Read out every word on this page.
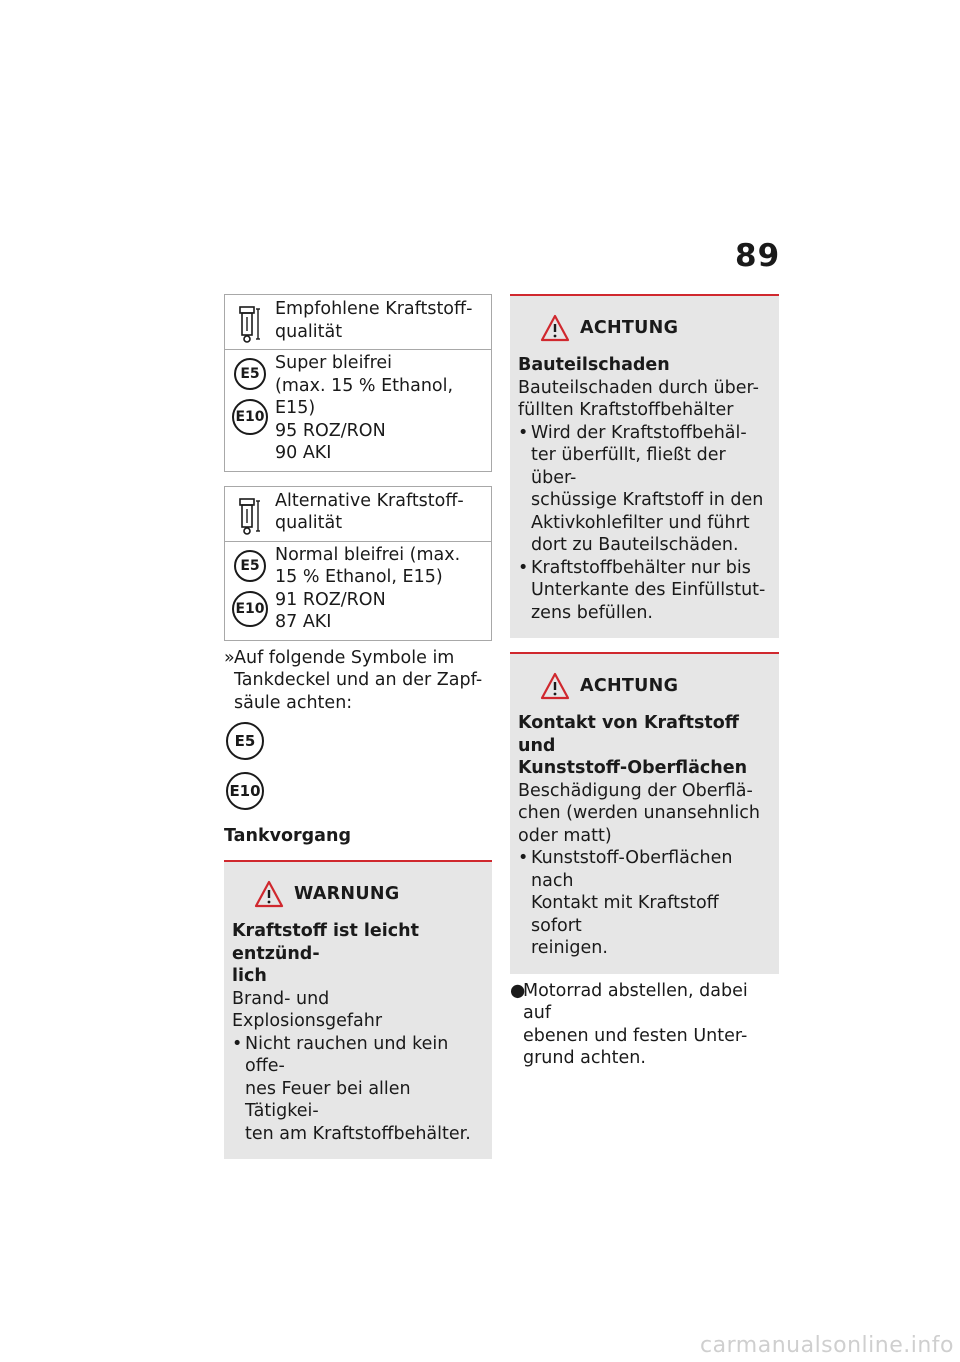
89
Empfohlene Kraftstoff-
qualität
E5
E10
Super bleifrei
(max. 15 % Ethanol,
E15)
95 ROZ/RON
90 AKI
Alternative Kraftstoff-
qualität
E5
E10
Normal bleifrei (max.
15 % Ethanol, E15)
91 ROZ/RON
87 AKI
»Auf folgende Symbole im
Tankdeckel und an der Zapf-
säule achten:
E5
E10
Tankvorgang
WARNUNG
Kraftstoff ist leicht entzünd-
lich
Brand- und Explosionsgefahr
• Nicht rauchen und kein offe-
nes Feuer bei allen Tätigkei-
ten am Kraftstoffbehälter.
ACHTUNG
Bauteilschaden
Bauteilschaden durch über-
füllten Kraftstoffbehälter
• Wird der Kraftstoffbehäl-
ter überfüllt, fließt der über-
schüssige Kraftstoff in den
Aktivkohlefilter und führt
dort zu Bauteilschäden.
• Kraftstoffbehälter nur bis
Unterkante des Einfüllstut-
zens befüllen.
ACHTUNG
Kontakt von Kraftstoff und
Kunststoff-Oberflächen
Beschädigung der Oberflä-
chen (werden unansehnlich
oder matt)
• Kunststoff-Oberflächen nach
Kontakt mit Kraftstoff sofort
reinigen.
●Motorrad abstellen, dabei auf
ebenen und festen Unter-
grund achten.
carmanualsonline.info
